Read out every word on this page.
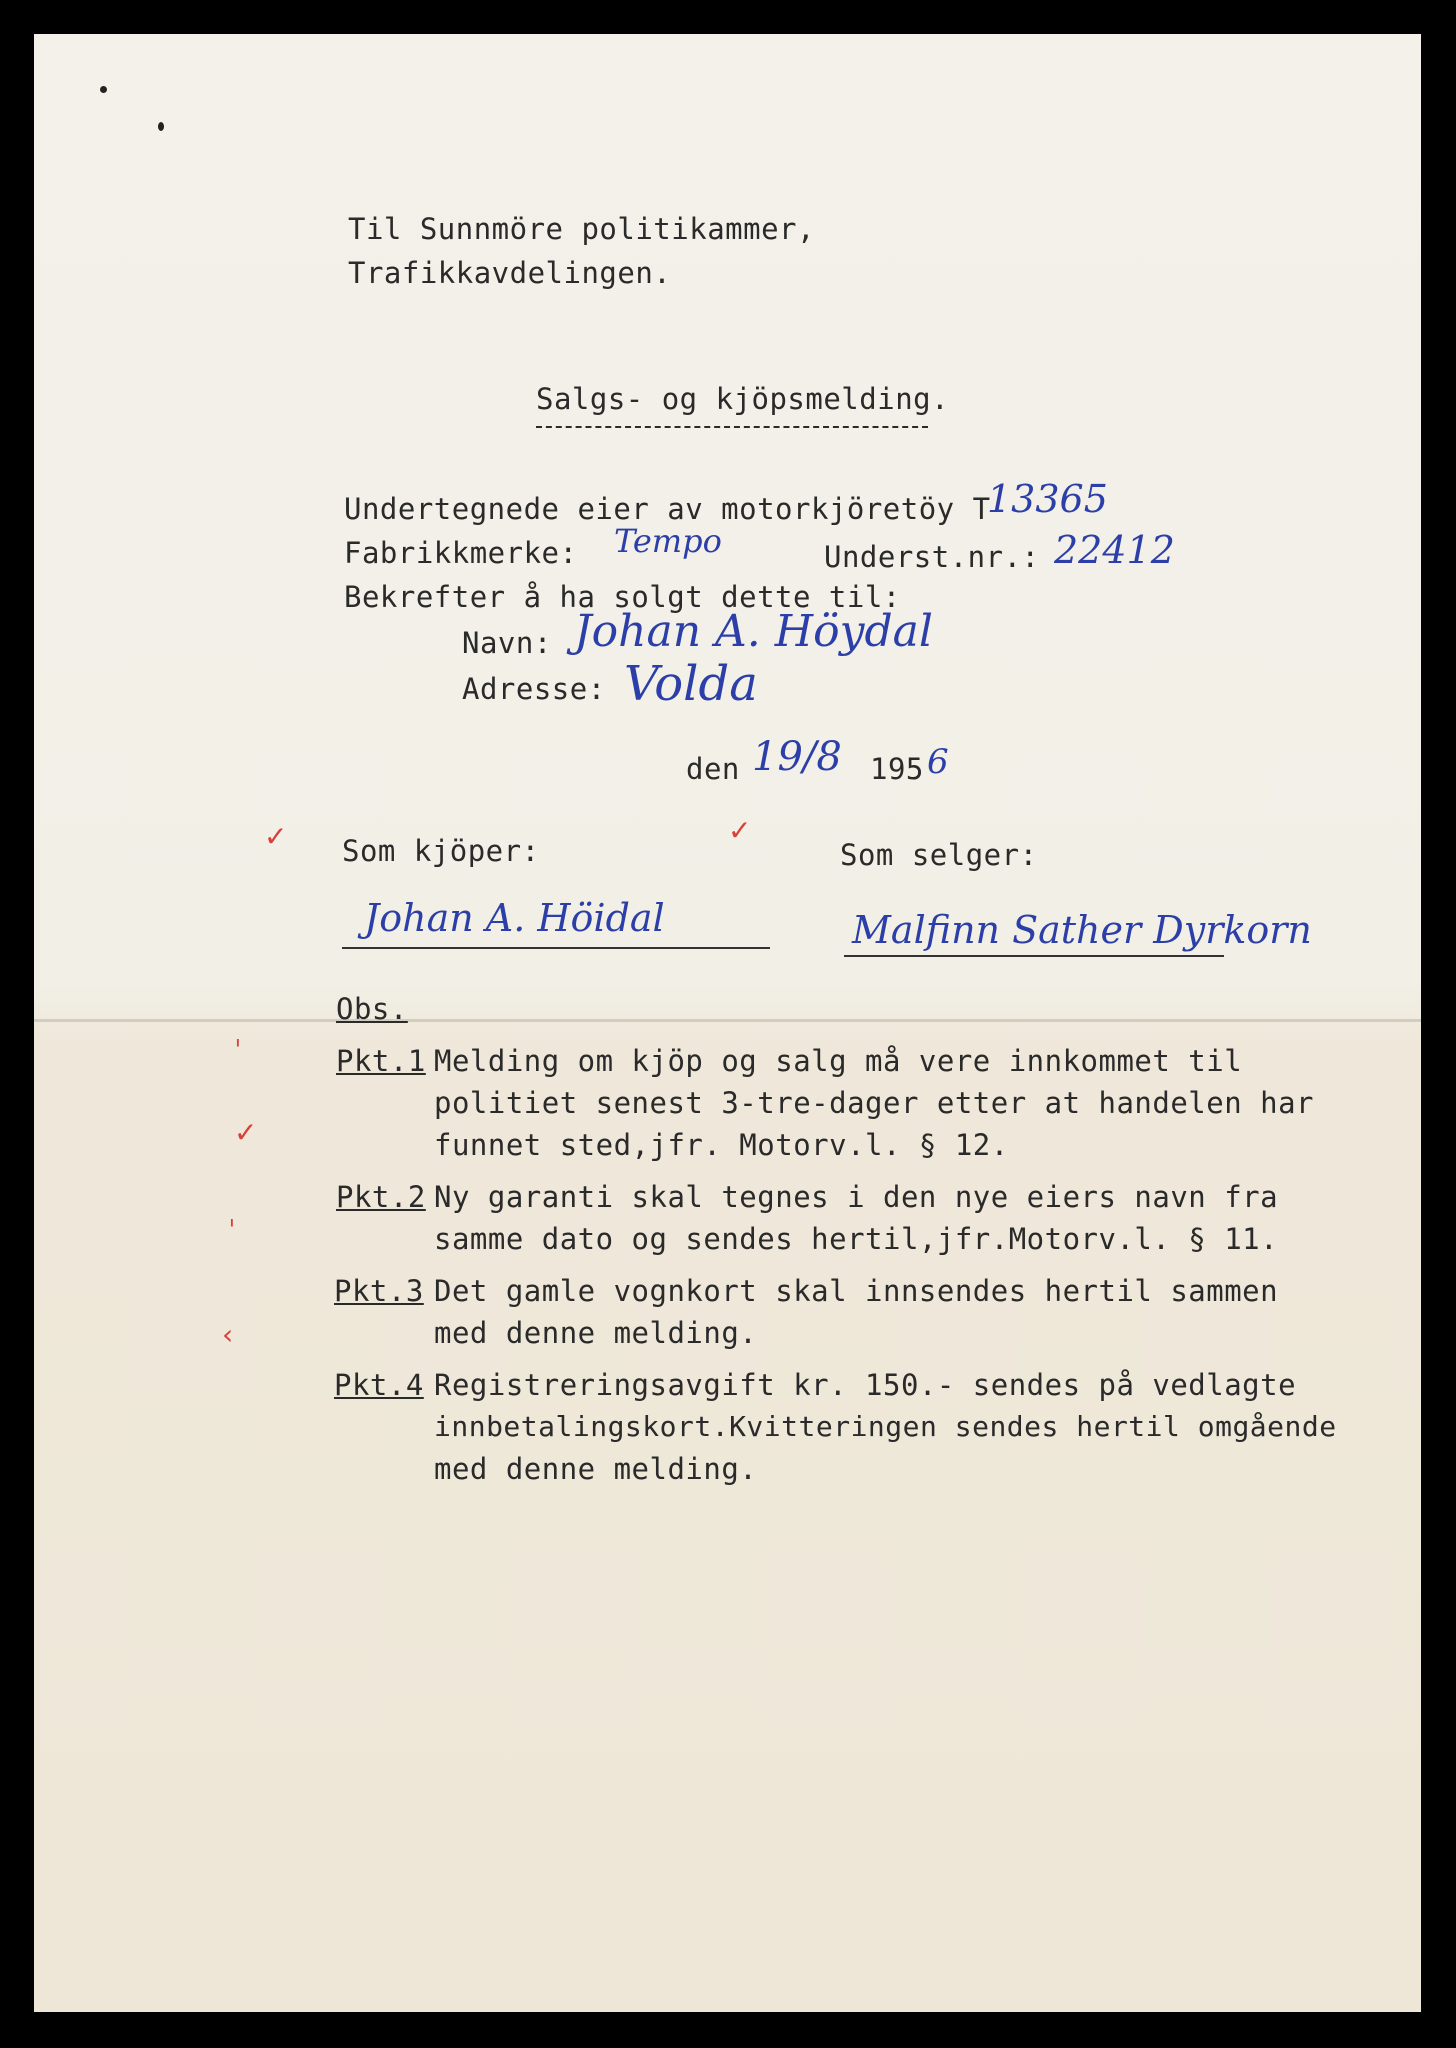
Til Sunnmöre politikammer,
Trafikkavdelingen.
Salgs- og kjöpsmelding.
Undertegnede eier av motorkjöretöy T-
13365
Fabrikkmerke: Tempo	Underst.nr.: 22412
Bekrefter å ha solgt dette til:
Navn: Johan A. Höydal
Adresse: Volda
den 19/8 195 6
✓	✓
Som kjöper:	Som selger:
Johan A. Höidal	Malfinn Sather Dyrkorn
Obs.
ˈ
✓
ˈ
‹
Pkt.1 Melding om kjöp og salg må vere innkommet til
politiet senest 3-tre-dager etter at handelen har
funnet sted,jfr. Motorv.l. § 12.
Pkt.2 Ny garanti skal tegnes i den nye eiers navn fra
samme dato og sendes hertil,jfr.Motorv.l. § 11.
Pkt.3 Det gamle vognkort skal innsendes hertil sammen
med denne melding.
Pkt.4 Registreringsavgift kr. 150.- sendes på vedlagte
innbetalingskort.Kvitteringen sendes hertil omgående
med denne melding.
